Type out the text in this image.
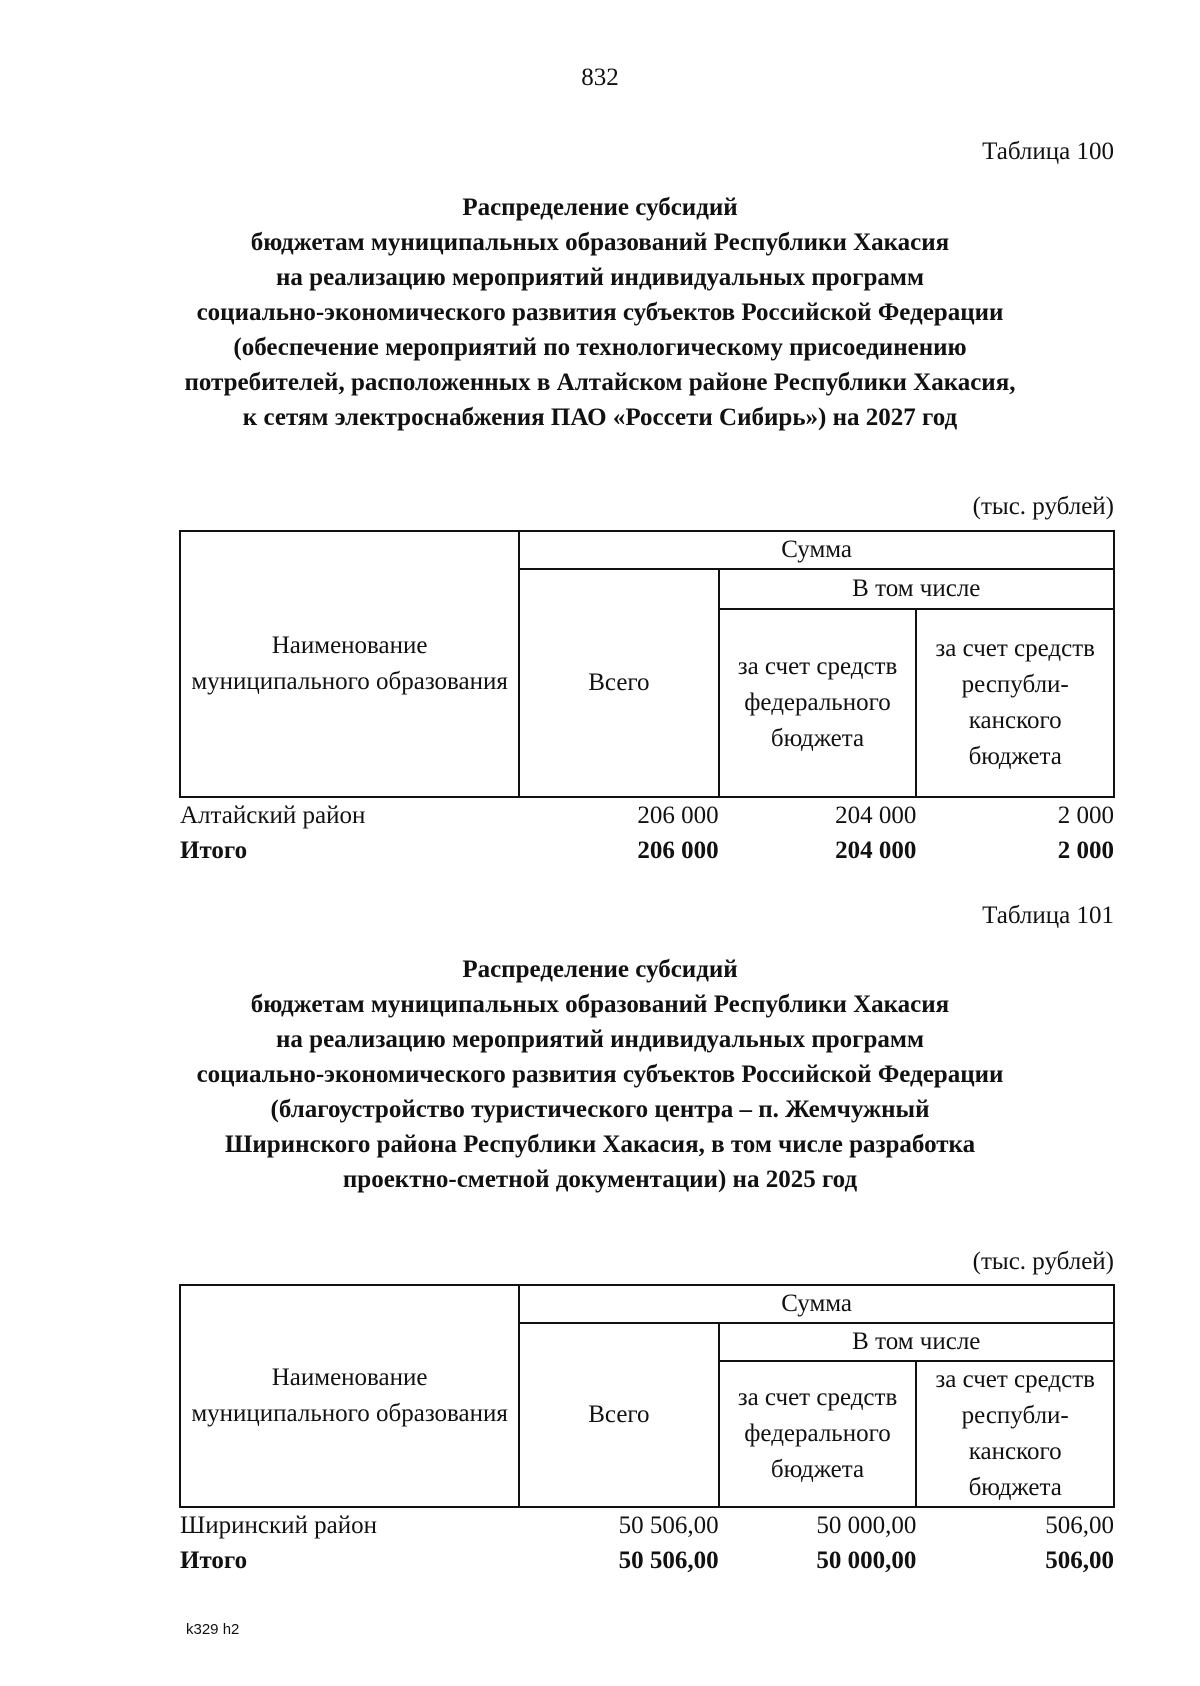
832
Таблица 100
Распределение субсидий
бюджетам муниципальных образований Республики Хакасия
на реализацию мероприятий индивидуальных программ
социально-экономического развития субъектов Российской Федерации
(обеспечение мероприятий по технологическому присоединению
потребителей, расположенных в Алтайском районе Республики Хакасия,
к сетям электроснабжения ПАО «Россети Сибирь») на 2027 год
(тыс. рублей)
Наименование муниципального образования	Сумма		
	Всего	В том числе	
		за счет средств федерального бюджета	за счет средств республи-канского бюджета
Алтайский район	206 000	204 000	2 000
Итого	206 000	204 000	2 000
Таблица 101
Распределение субсидий
бюджетам муниципальных образований Республики Хакасия
на реализацию мероприятий индивидуальных программ
социально-экономического развития субъектов Российской Федерации
(благоустройство туристического центра – п. Жемчужный
Ширинского района Республики Хакасия, в том числе разработка
проектно-сметной документации) на 2025 год
(тыс. рублей)
Наименование муниципального образования	Сумма		
	Всего	В том числе	
		за счет средств федерального бюджета	за счет средств республи-канского бюджета
Ширинский район	50 506,00	50 000,00	506,00
Итого	50 506,00	50 000,00	506,00
k329 h2
